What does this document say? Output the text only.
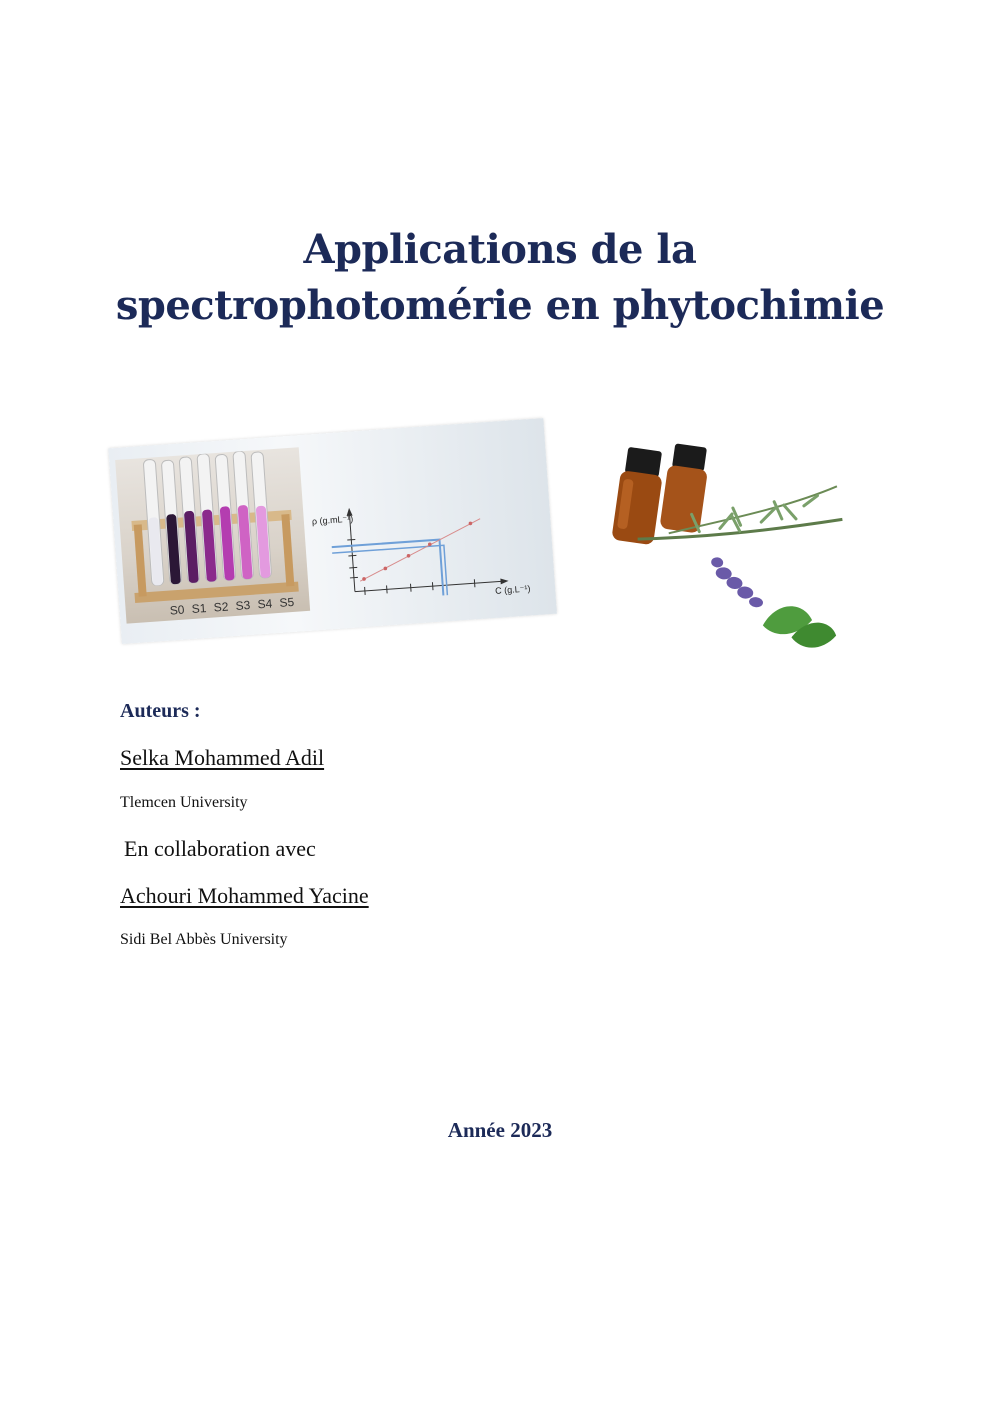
Applications de la
spectrophotomérie en phytochimie
S0 S1 S2 S3 S4 S5
ρ (g.mL⁻¹)
C (g.L⁻¹)
Auteurs :
Selka Mohammed Adil
Tlemcen University
En collaboration avec
Achouri Mohammed Yacine
Sidi Bel Abbès University
Année 2023
